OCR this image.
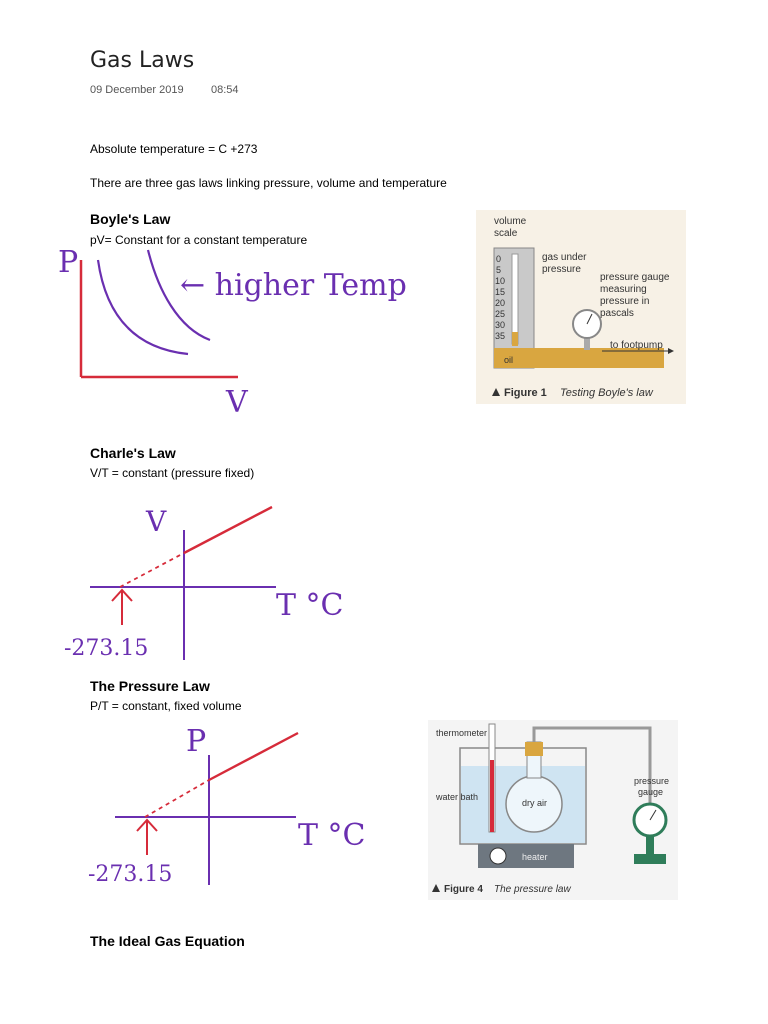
Gas Laws
09 December 2019 08:54
Absolute temperature = C +273
There are three gas laws linking pressure, volume and temperature
Boyle's Law
pV= Constant for a constant temperature
P
V
← higher Temp
volume
scale
0
5
10
15
20
25
30
35
oil
to footpump
gas under
pressure
pressure gauge
measuring
pressure in
pascals
Figure 1 Testing Boyle's law
Charle's Law
V/T = constant (pressure fixed)
V
T °C
-273.15
The Pressure Law
P/T = constant, fixed volume
P
T °C
-273.15
thermometer
water bath
dry air
pressure
gauge
heater
Figure 4 The pressure law
The Ideal Gas Equation
